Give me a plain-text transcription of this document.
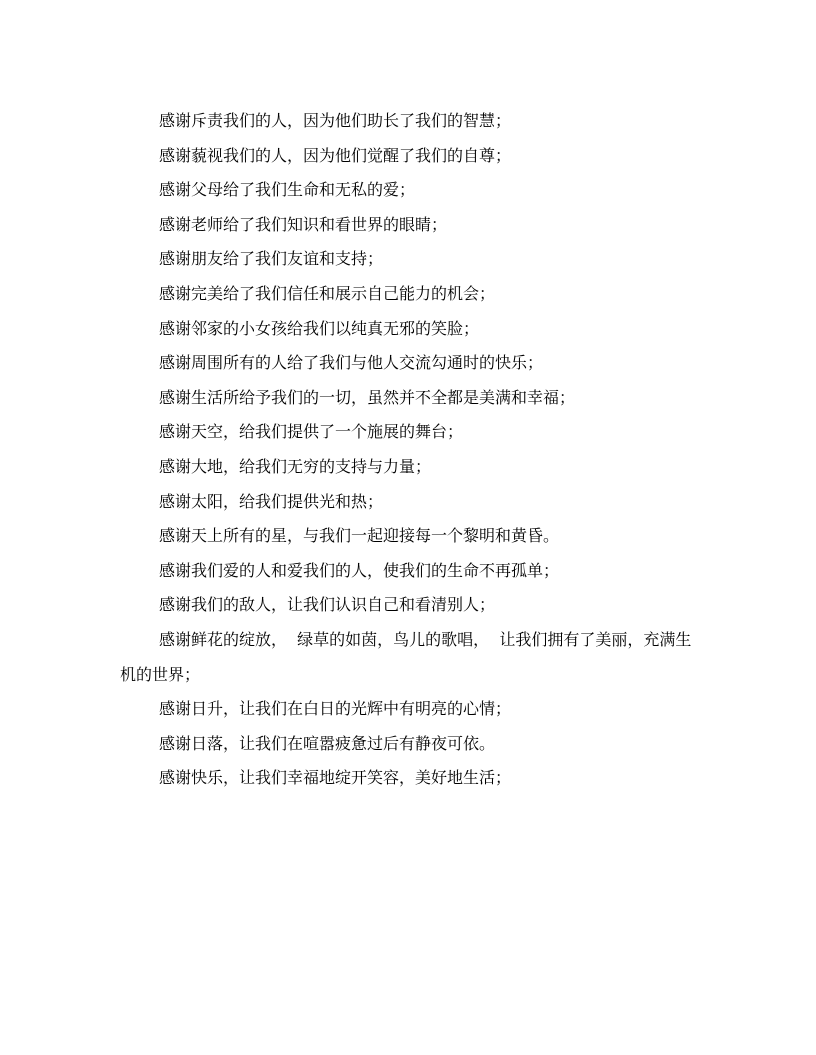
感谢斥责我们的人，因为他们助长了我们的智慧；

感谢藐视我们的人，因为他们觉醒了我们的自尊；

感谢父母给了我们生命和无私的爱；

感谢老师给了我们知识和看世界的眼睛；

感谢朋友给了我们友谊和支持；

感谢完美给了我们信任和展示自己能力的机会；

感谢邻家的小女孩给我们以纯真无邪的笑脸；

感谢周围所有的人给了我们与他人交流勾通时的快乐；

感谢生活所给予我们的一切，虽然并不全都是美满和幸福；

感谢天空，给我们提供了一个施展的舞台；

感谢大地，给我们无穷的支持与力量；

感谢太阳，给我们提供光和热；

感谢天上所有的星，与我们一起迎接每一个黎明和黄昏。

感谢我们爱的人和爱我们的人，使我们的生命不再孤单；

感谢我们的敌人，让我们认识自己和看清别人；

感谢鲜花的绽放，  绿草的如茵，鸟儿的歌唱，  让我们拥有了美丽，充满生机的世界；

感谢日升，让我们在白日的光辉中有明亮的心情；

感谢日落，让我们在喧嚣疲惫过后有静夜可依。

感谢快乐，让我们幸福地绽开笑容，美好地生活；
